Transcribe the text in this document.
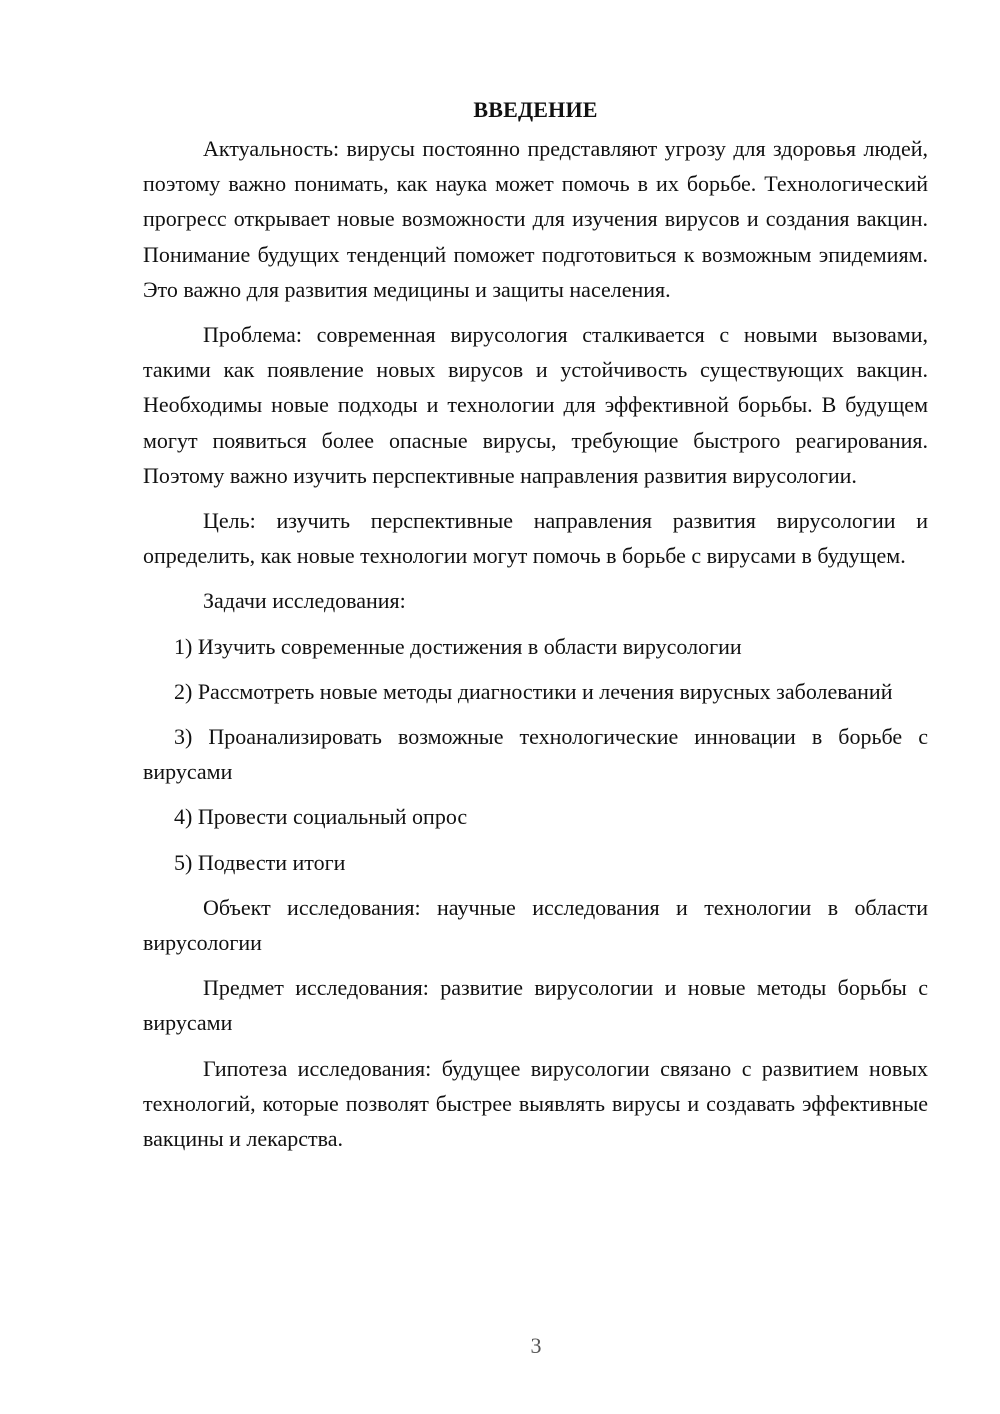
ВВЕДЕНИЕ

Актуальность: вирусы постоянно представляют угрозу для здоровья людей, поэтому важно понимать, как наука может помочь в их борьбе. Технологический прогресс открывает новые возможности для изучения вирусов и создания вакцин. Понимание будущих тенденций поможет подготовиться к возможным эпидемиям. Это важно для развития медицины и защиты населения.

Проблема: современная вирусология сталкивается с новыми вызовами, такими как появление новых вирусов и устойчивость существующих вакцин. Необходимы новые подходы и технологии для эффективной борьбы. В будущем могут появиться более опасные вирусы, требующие быстрого реагирования. Поэтому важно изучить перспективные направления развития вирусологии.

Цель: изучить перспективные направления развития вирусологии и определить, как новые технологии могут помочь в борьбе с вирусами в будущем.

Задачи исследования:

1) Изучить современные достижения в области вирусологии

2) Рассмотреть новые методы диагностики и лечения вирусных заболеваний

3) Проанализировать возможные технологические инновации в борьбе с вирусами

4) Провести социальный опрос

5) Подвести итоги

Объект исследования: научные исследования и технологии в области вирусологии

Предмет исследования: развитие вирусологии и новые методы борьбы с вирусами

Гипотеза исследования: будущее вирусологии связано с развитием новых технологий, которые позволят быстрее выявлять вирусы и создавать эффективные вакцины и лекарства.

3
